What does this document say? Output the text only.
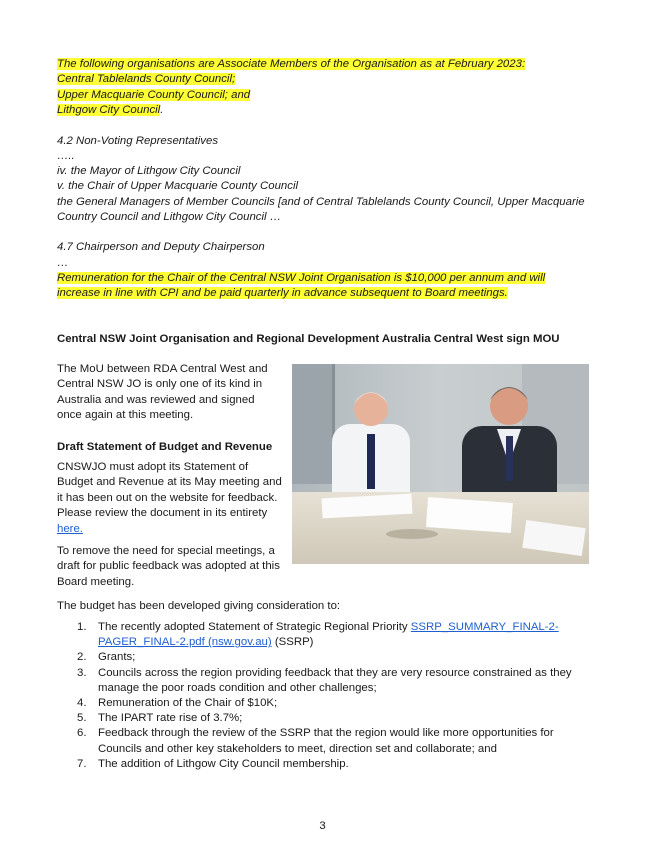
The following organisations are Associate Members of the Organisation as at February 2023:
Central Tablelands County Council;
Upper Macquarie County Council; and
Lithgow City Council.
4.2 Non-Voting Representatives
…..
iv. the Mayor of Lithgow City Council
v. the Chair of Upper Macquarie County Council
the General Managers of Member Councils [and of Central Tablelands County Council, Upper Macquarie
Country Council and Lithgow City Council …
4.7 Chairperson and Deputy Chairperson
…
Remuneration for the Chair of the Central NSW Joint Organisation is $10,000 per annum and will
increase in line with CPI and be paid quarterly in advance subsequent to Board meetings.
Central NSW Joint Organisation and Regional Development Australia Central West sign MOU

The MoU between RDA Central West and Central NSW JO is only one of its kind in Australia and was reviewed and signed once again at this meeting.

Draft Statement of Budget and Revenue

CNSWJO must adopt its Statement of Budget and Revenue at its May meeting and it has been out on the website for feedback. Please review the document in its entirety here.

To remove the need for special meetings, a draft for public feedback was adopted at this Board meeting.
The budget has been developed giving consideration to:
1.	The recently adopted Statement of Strategic Regional Priority SSRP_SUMMARY_FINAL-2-PAGER_FINAL-2.pdf (nsw.gov.au) (SSRP)
2.	Grants;
3.	Councils across the region providing feedback that they are very resource constrained as they manage the poor roads condition and other challenges;
4.	Remuneration of the Chair of $10K;
5.	The IPART rate rise of 3.7%;
6.	Feedback through the review of the SSRP that the region would like more opportunities for Councils and other key stakeholders to meet, direction set and collaborate; and
7.	The addition of Lithgow City Council membership.
3
